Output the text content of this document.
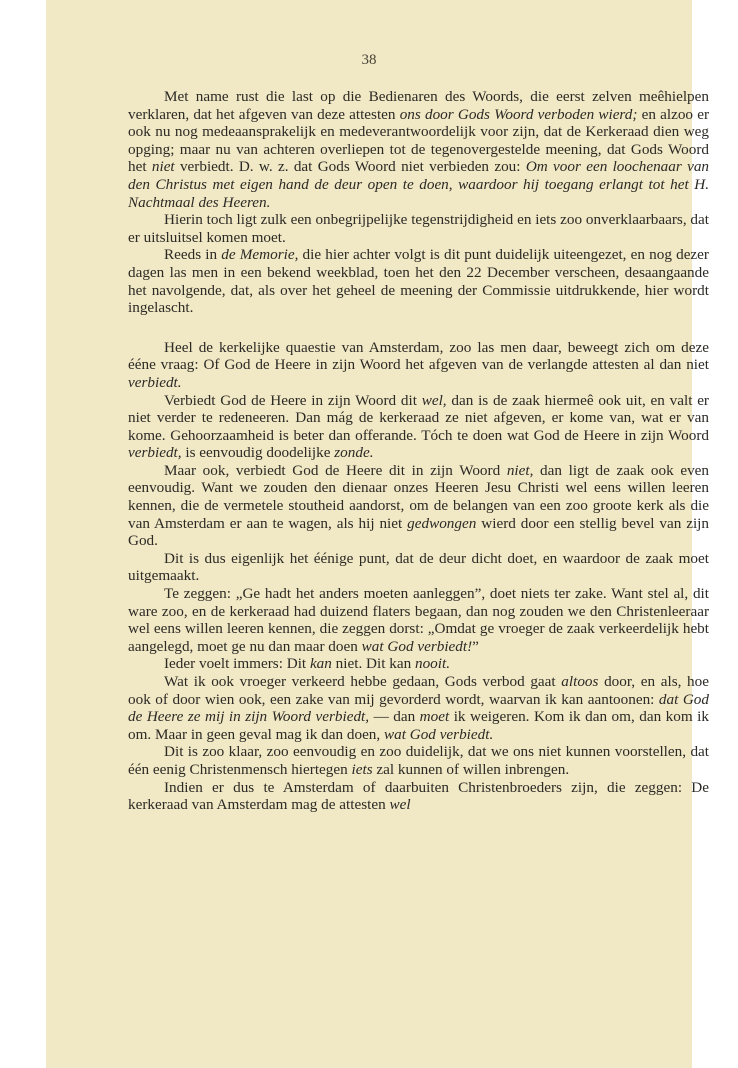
38

Met name rust die last op die Bedienaren des Woords, die eerst zelven meêhielpen verklaren, dat het afgeven van deze attesten ons door Gods Woord verboden wierd; en alzoo er ook nu nog medeaansprakelijk en medeverantwoordelijk voor zijn, dat de Kerkeraad dien weg opging; maar nu van achteren overliepen tot de tegenovergestelde meening, dat Gods Woord het niet verbiedt. D. w. z. dat Gods Woord niet verbieden zou: Om voor een loochenaar van den Christus met eigen hand de deur open te doen, waardoor hij toegang erlangt tot het H. Nachtmaal des Heeren.

Hierin toch ligt zulk een onbegrijpelijke tegenstrijdigheid en iets zoo onverklaarbaars, dat er uitsluitsel komen moet.

Reeds in de Memorie, die hier achter volgt is dit punt duidelijk uiteengezet, en nog dezer dagen las men in een bekend weekblad, toen het den 22 December verscheen, desaangaande het navolgende, dat, als over het geheel de meening der Commissie uitdrukkende, hier wordt ingelascht.

Heel de kerkelijke quaestie van Amsterdam, zoo las men daar, beweegt zich om deze ééne vraag: Of God de Heere in zijn Woord het afgeven van de verlangde attesten al dan niet verbiedt.

Verbiedt God de Heere in zijn Woord dit wel, dan is de zaak hiermeê ook uit, en valt er niet verder te redeneeren. Dan mág de kerkeraad ze niet afgeven, er kome van, wat er van kome. Gehoorzaamheid is beter dan offerande. Tóch te doen wat God de Heere in zijn Woord verbiedt, is eenvoudig doodelijke zonde.

Maar ook, verbiedt God de Heere dit in zijn Woord niet, dan ligt de zaak ook even eenvoudig. Want we zouden den dienaar onzes Heeren Jesu Christi wel eens willen leeren kennen, die de vermetele stoutheid aandorst, om de belangen van een zoo groote kerk als die van Amsterdam er aan te wagen, als hij niet gedwongen wierd door een stellig bevel van zijn God.

Dit is dus eigenlijk het éénige punt, dat de deur dicht doet, en waardoor de zaak moet uitgemaakt.

Te zeggen: „Ge hadt het anders moeten aanleggen”, doet niets ter zake. Want stel al, dit ware zoo, en de kerkeraad had duizend flaters begaan, dan nog zouden we den Christenleeraar wel eens willen leeren kennen, die zeggen dorst: „Omdat ge vroeger de zaak verkeerdelijk hebt aangelegd, moet ge nu dan maar doen wat God verbiedt!”

Ieder voelt immers: Dit kan niet. Dit kan nooit.

Wat ik ook vroeger verkeerd hebbe gedaan, Gods verbod gaat altoos door, en als, hoe ook of door wien ook, een zake van mij gevorderd wordt, waarvan ik kan aantoonen: dat God de Heere ze mij in zijn Woord verbiedt, — dan moet ik weigeren. Kom ik dan om, dan kom ik om. Maar in geen geval mag ik dan doen, wat God verbiedt.

Dit is zoo klaar, zoo eenvoudig en zoo duidelijk, dat we ons niet kunnen voorstellen, dat één eenig Christenmensch hiertegen iets zal kunnen of willen inbrengen.

Indien er dus te Amsterdam of daarbuiten Christenbroeders zijn, die zeggen: De kerkeraad van Amsterdam mag de attesten wel
